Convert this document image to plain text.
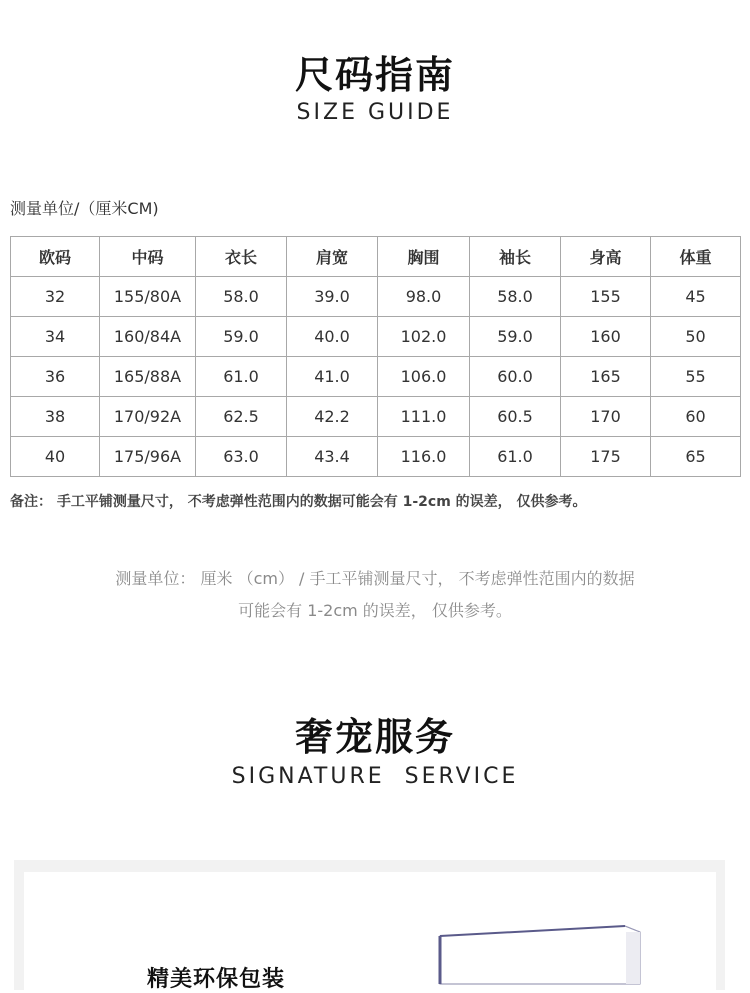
尺码指南
SIZE GUIDE
测量单位/（厘米CM)
欧码	中码	衣长	肩宽	胸围	袖长	身高	体重
32	155/80A	58.0	39.0	98.0	58.0	155	45
34	160/84A	59.0	40.0	102.0	59.0	160	50
36	165/88A	61.0	41.0	106.0	60.0	165	55
38	170/92A	62.5	42.2	111.0	60.5	170	60
40	175/96A	63.0	43.4	116.0	61.0	175	65
备注： 手工平铺测量尺寸， 不考虑弹性范围内的数据可能会有 1-2cm 的误差， 仅供参考。
测量单位： 厘米 （cm） / 手工平铺测量尺寸， 不考虑弹性范围内的数据
可能会有 1-2cm 的误差， 仅供参考。
奢宠服务
SIGNATURE  SERVICE
精美环保包装
